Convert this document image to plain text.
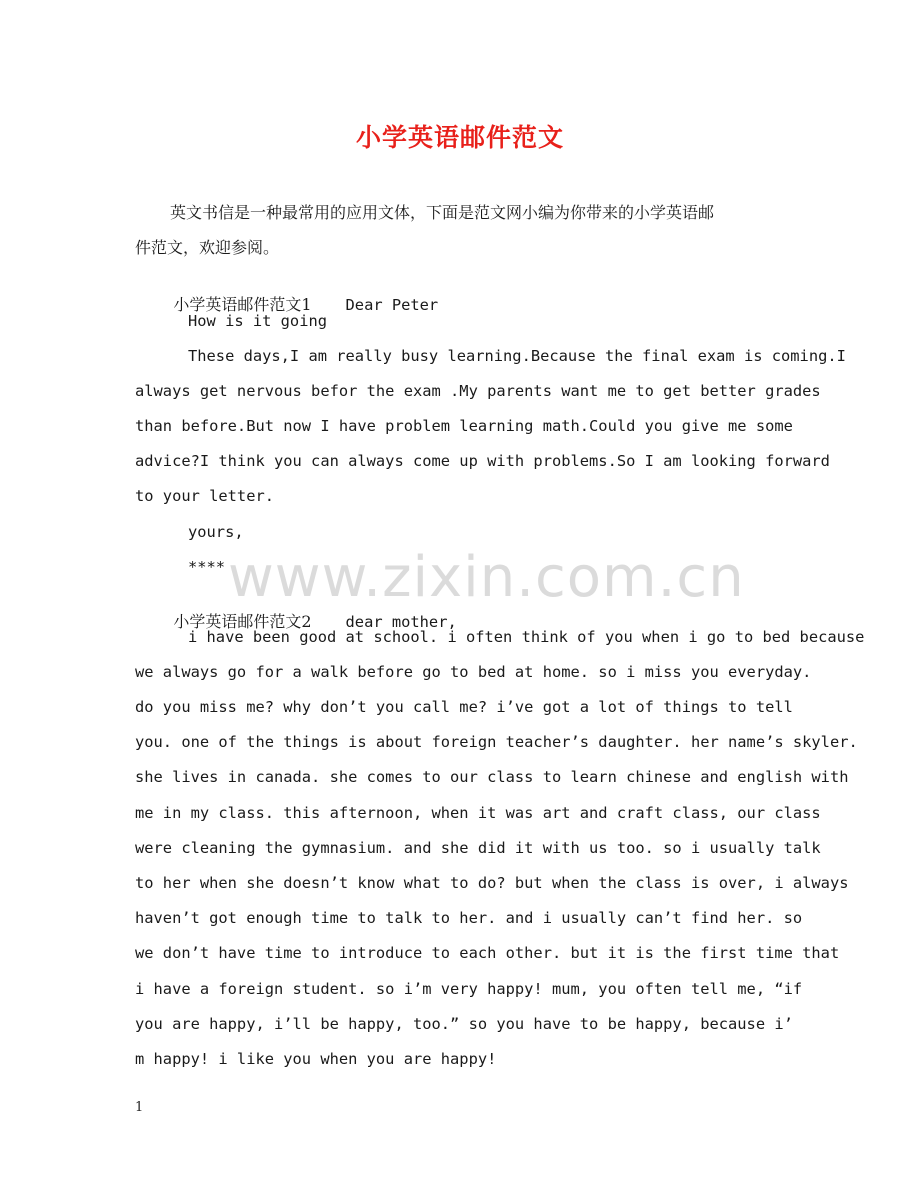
小学英语邮件范文
英文书信是一种最常用的应用文体，下面是范文网小编为你带来的小学英语邮
件范文，欢迎参阅。

小学英语邮件范文1 Dear Peter

How is it going
These days,I am really busy learning.Because the final exam is coming.I
always get nervous befor the exam .My parents want me to get better grades
than before.But now I have problem learning math.Could you give me some
advice?I think you can always come up with problems.So I am looking forward
to your letter.
yours,
****

小学英语邮件范文2 dear mother,

i have been good at school. i often think of you when i go to bed because
we always go for a walk before go to bed at home. so i miss you everyday.
do you miss me? why don’t you call me? i’ve got a lot of things to tell
you. one of the things is about foreign teacher’s daughter. her name’s skyler.
she lives in canada. she comes to our class to learn chinese and english with
me in my class. this afternoon, when it was art and craft class, our class
were cleaning the gymnasium. and she did it with us too. so i usually talk
to her when she doesn’t know what to do? but when the class is over, i always
haven’t got enough time to talk to her. and i usually can’t find her. so
we don’t have time to introduce to each other. but it is the first time that
i have a foreign student. so i’m very happy! mum, you often tell me, “if
you are happy, i’ll be happy, too.” so you have to be happy, because i’
m happy! i like you when you are happy!
www.zixin.com.cn
1
